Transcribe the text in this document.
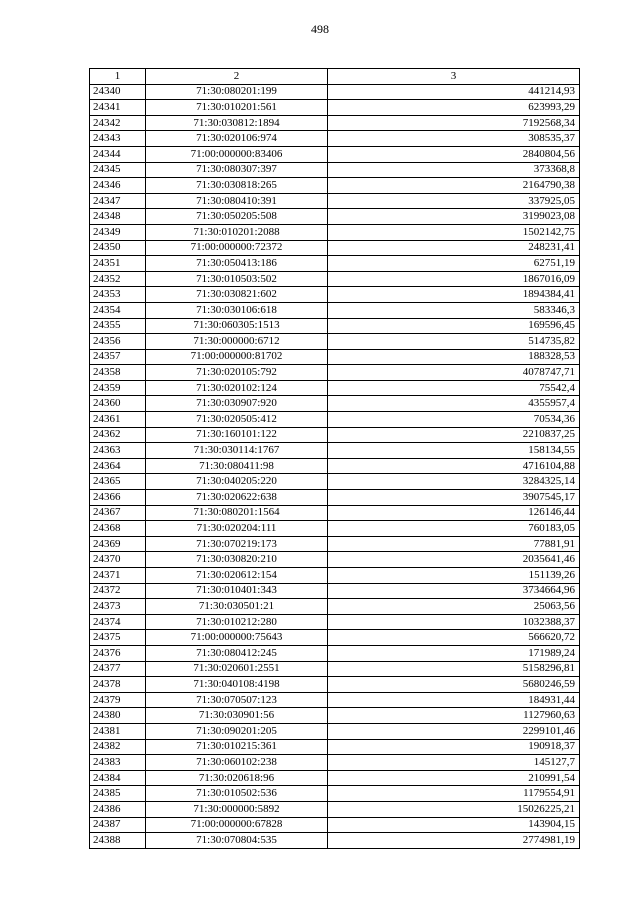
498
1	2	3
24340	71:30:080201:199	441214,93
24341	71:30:010201:561	623993,29
24342	71:30:030812:1894	7192568,34
24343	71:30:020106:974	308535,37
24344	71:00:000000:83406	2840804,56
24345	71:30:080307:397	373368,8
24346	71:30:030818:265	2164790,38
24347	71:30:080410:391	337925,05
24348	71:30:050205:508	3199023,08
24349	71:30:010201:2088	1502142,75
24350	71:00:000000:72372	248231,41
24351	71:30:050413:186	62751,19
24352	71:30:010503:502	1867016,09
24353	71:30:030821:602	1894384,41
24354	71:30:030106:618	583346,3
24355	71:30:060305:1513	169596,45
24356	71:30:000000:6712	514735,82
24357	71:00:000000:81702	188328,53
24358	71:30:020105:792	4078747,71
24359	71:30:020102:124	75542,4
24360	71:30:030907:920	4355957,4
24361	71:30:020505:412	70534,36
24362	71:30:160101:122	2210837,25
24363	71:30:030114:1767	158134,55
24364	71:30:080411:98	4716104,88
24365	71:30:040205:220	3284325,14
24366	71:30:020622:638	3907545,17
24367	71:30:080201:1564	126146,44
24368	71:30:020204:111	760183,05
24369	71:30:070219:173	77881,91
24370	71:30:030820:210	2035641,46
24371	71:30:020612:154	151139,26
24372	71:30:010401:343	3734664,96
24373	71:30:030501:21	25063,56
24374	71:30:010212:280	1032388,37
24375	71:00:000000:75643	566620,72
24376	71:30:080412:245	171989,24
24377	71:30:020601:2551	5158296,81
24378	71:30:040108:4198	5680246,59
24379	71:30:070507:123	184931,44
24380	71:30:030901:56	1127960,63
24381	71:30:090201:205	2299101,46
24382	71:30:010215:361	190918,37
24383	71:30:060102:238	145127,7
24384	71:30:020618:96	210991,54
24385	71:30:010502:536	1179554,91
24386	71:30:000000:5892	15026225,21
24387	71:00:000000:67828	143904,15
24388	71:30:070804:535	2774981,19
